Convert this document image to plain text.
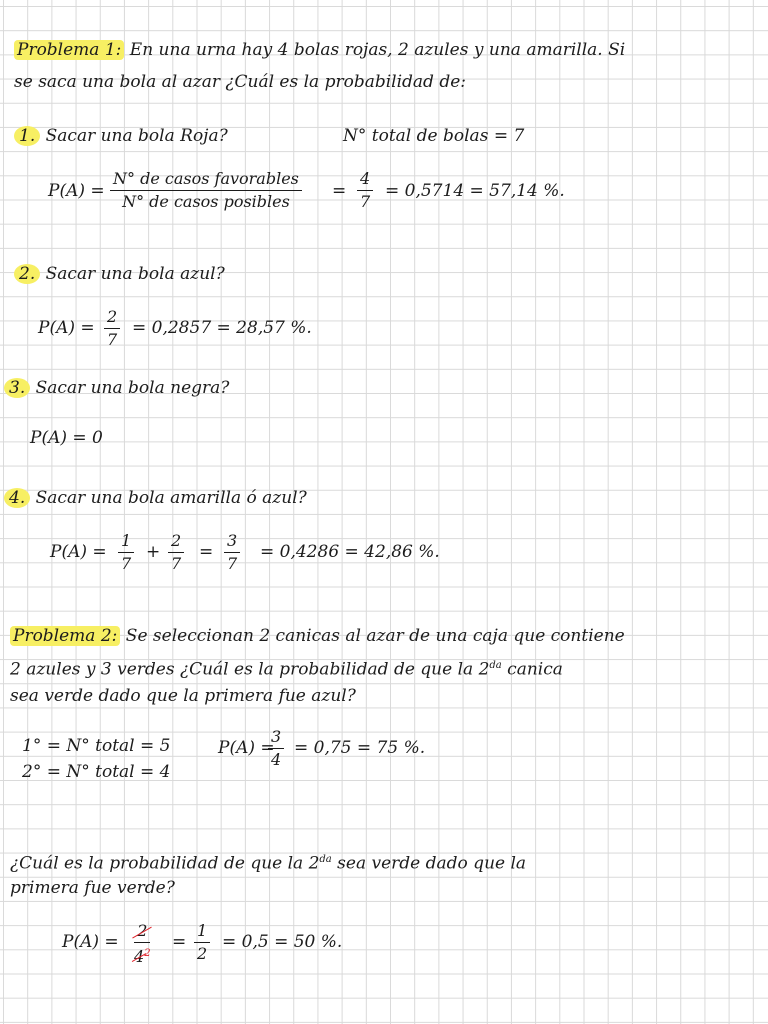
Problema 1: En una urna hay 4 bolas rojas, 2 azules y una amarilla. Si
se saca una bola al azar ¿Cuál es la probabilidad de:
1. Sacar una bola Roja?	N° total de bolas = 7
P(A) =
N° de casos favorables
N° de casos posibles
= $\frac{4}{7} = 0,5714 = 57,14$ %.
2. Sacar una bola azul?
$P(A) = \frac{2}{7} = 0,2857 = 28,57$ %.
3. Sacar una bola negra?
P(A) = 0
4. Sacar una bola amarilla ó azul?
$P(A) = \frac{1}{7} + \frac{2}{7} = \frac{3}{7} = 0,4286 = 42,86$ %.
Problema 2: Se seleccionan 2 canicas al azar de una caja que contiene
2 azules y 3 verdes ¿Cuál es la probabilidad de que la $2^{da}$ canica
sea verde dado que la primera fue azul?
1° = N° total = 5
2° = N° total = 4
P(A) =
$\frac{3}{4} = 0,75 = 75$ %.
¿Cuál es la probabilidad de que la $2^{da}$ sea verde dado que la
primera fue verde?
P(A) = 2
4
$^2 = \frac{1}{2} = 0,5 = 50$ %.
